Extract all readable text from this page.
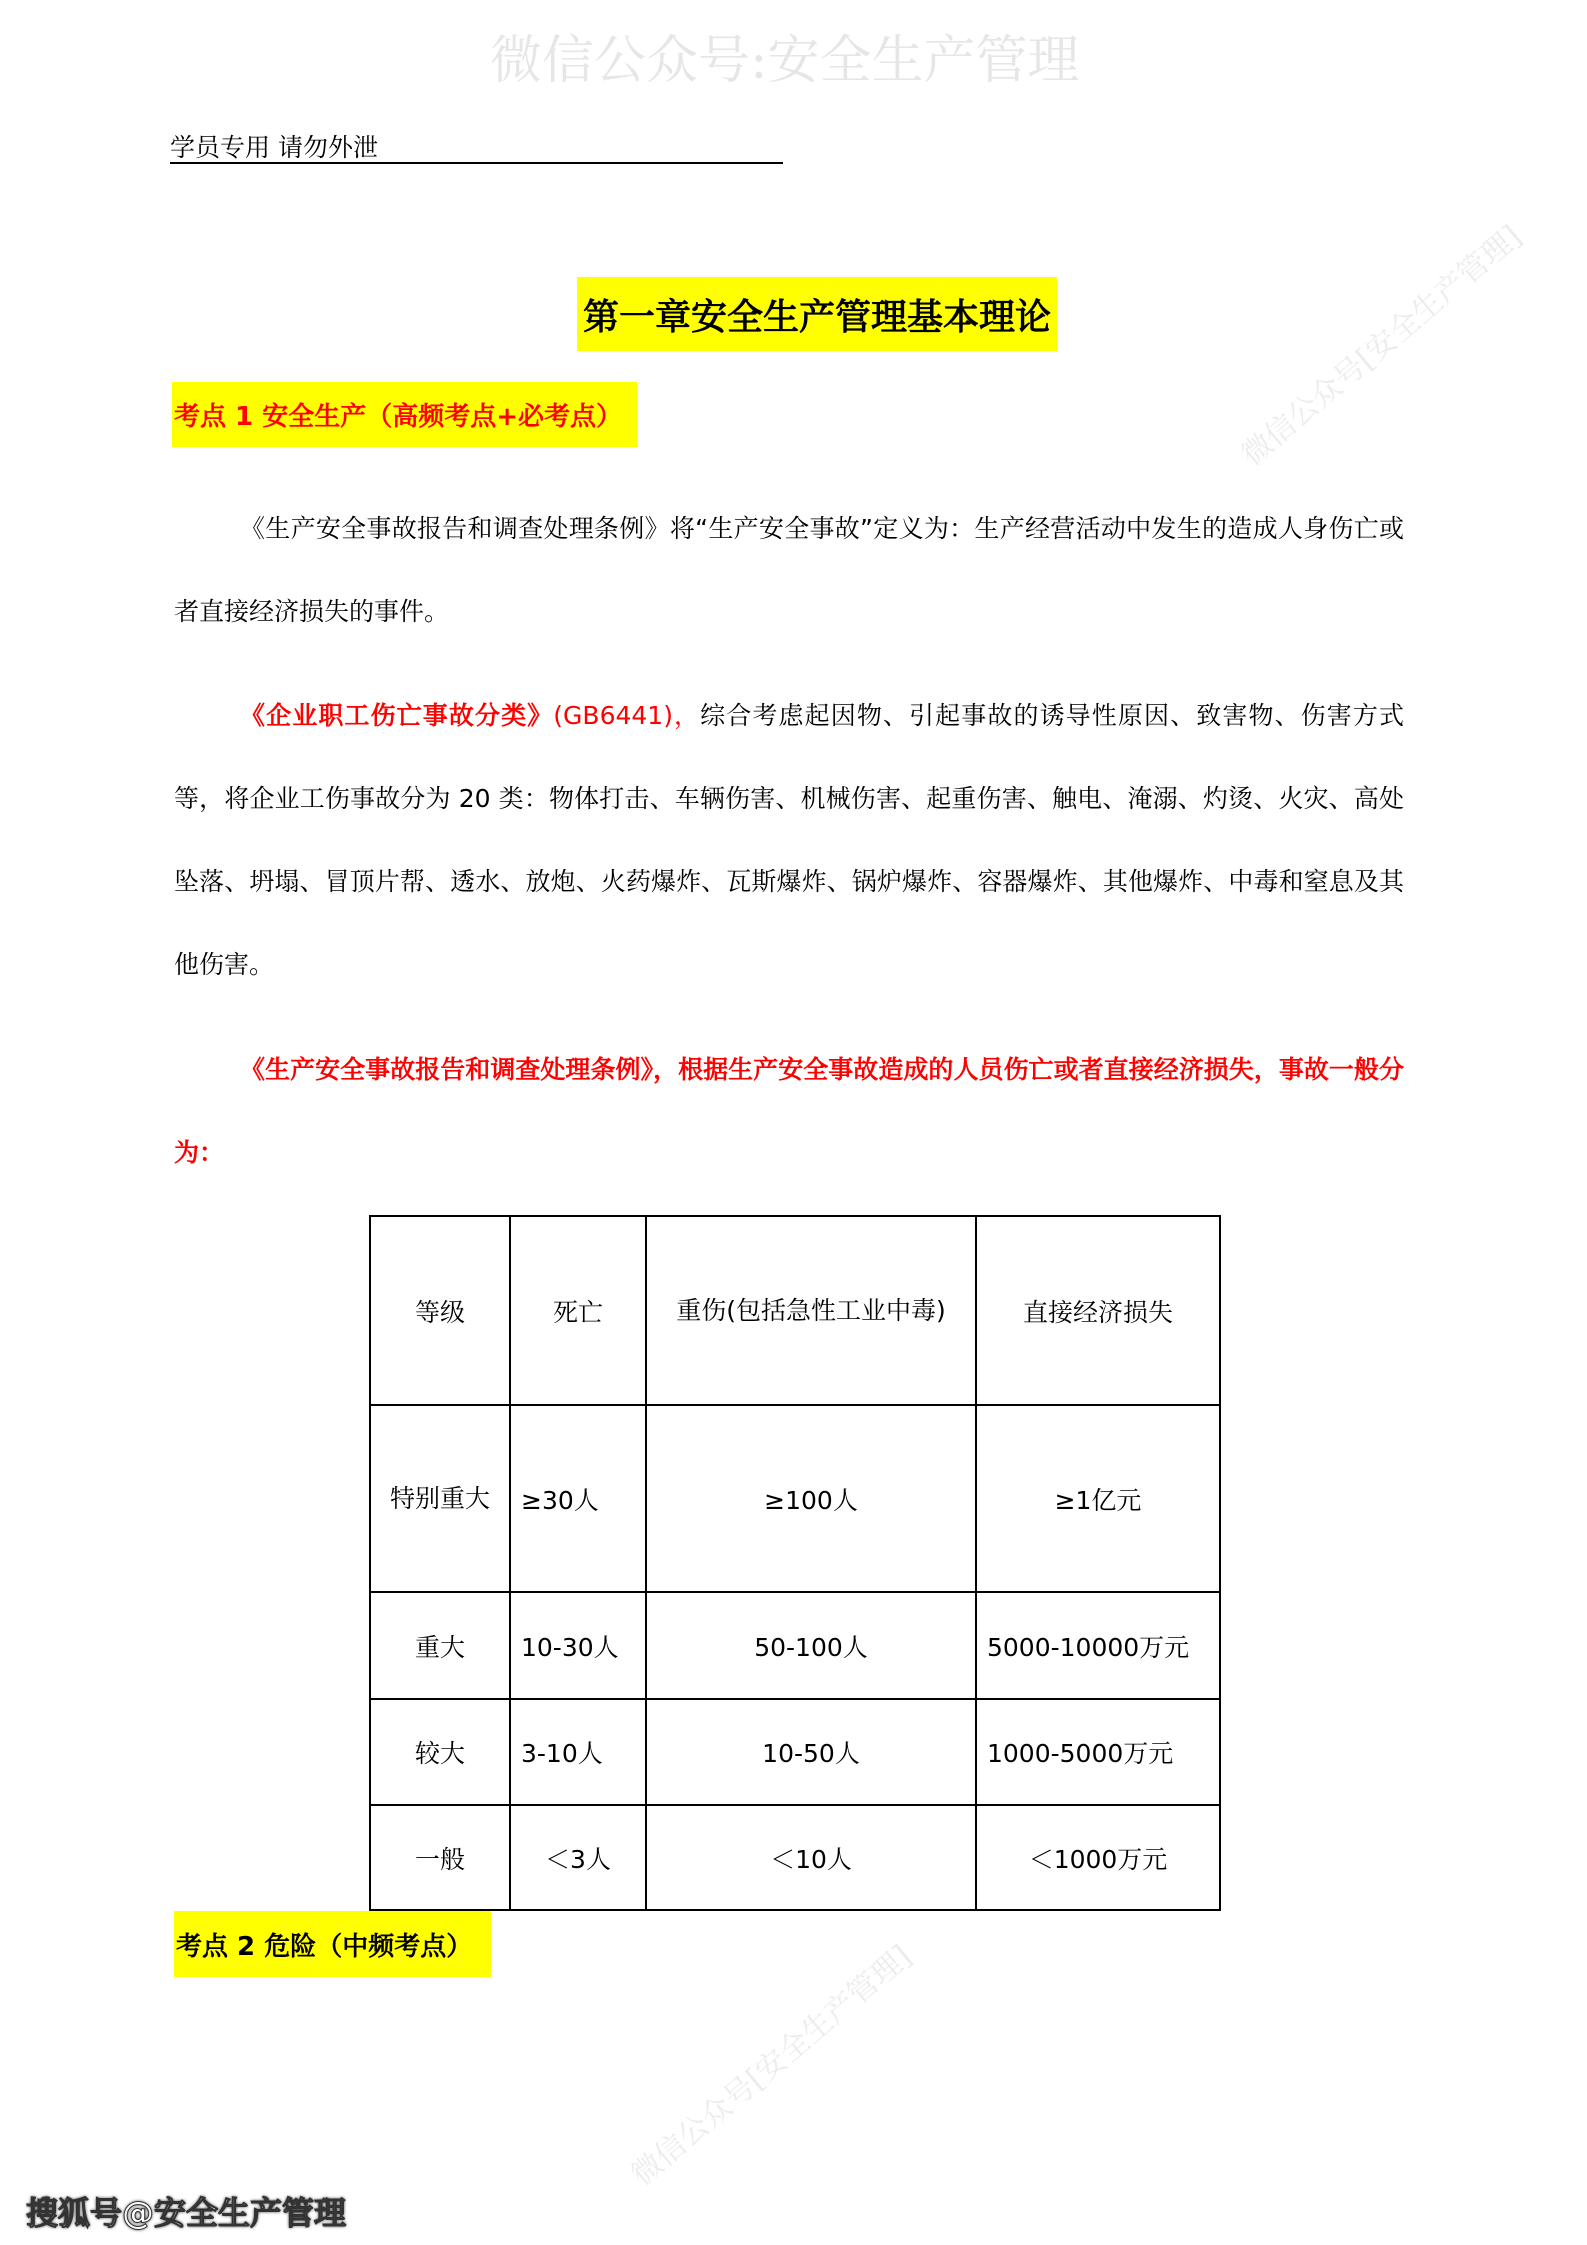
微信公众号:安全生产管理
微信公众号[安全生产管理]
微信公众号[安全生产管理]
学员专用 请勿外泄
第一章安全生产管理基本理论
考点 1 安全生产（高频考点+必考点）
《生产安全事故报告和调查处理条例》将“生产安全事故”定义为：生产经营活动中发生的造成人身伤亡或者直接经济损失的事件。
《企业职工伤亡事故分类》(GB6441)，综合考虑起因物、引起事故的诱导性原因、致害物、伤害方式等，将企业工伤事故分为 20 类：物体打击、车辆伤害、机械伤害、起重伤害、触电、淹溺、灼烫、火灾、高处坠落、坍塌、冒顶片帮、透水、放炮、火药爆炸、瓦斯爆炸、锅炉爆炸、容器爆炸、其他爆炸、中毒和窒息及其他伤害。
《生产安全事故报告和调查处理条例》，根据生产安全事故造成的人员伤亡或者直接经济损失，事故一般分为：
等级	死亡	重伤(包括急性工业中毒)	直接经济损失
特别重大	≥30人	≥100人	≥1亿元
重大	10-30人	50-100人	5000-10000万元
较大	3-10人	10-50人	1000-5000万元
一般	＜3人	＜10人	＜1000万元
考点 2 危险（中频考点）
搜狐号@安全生产管理
